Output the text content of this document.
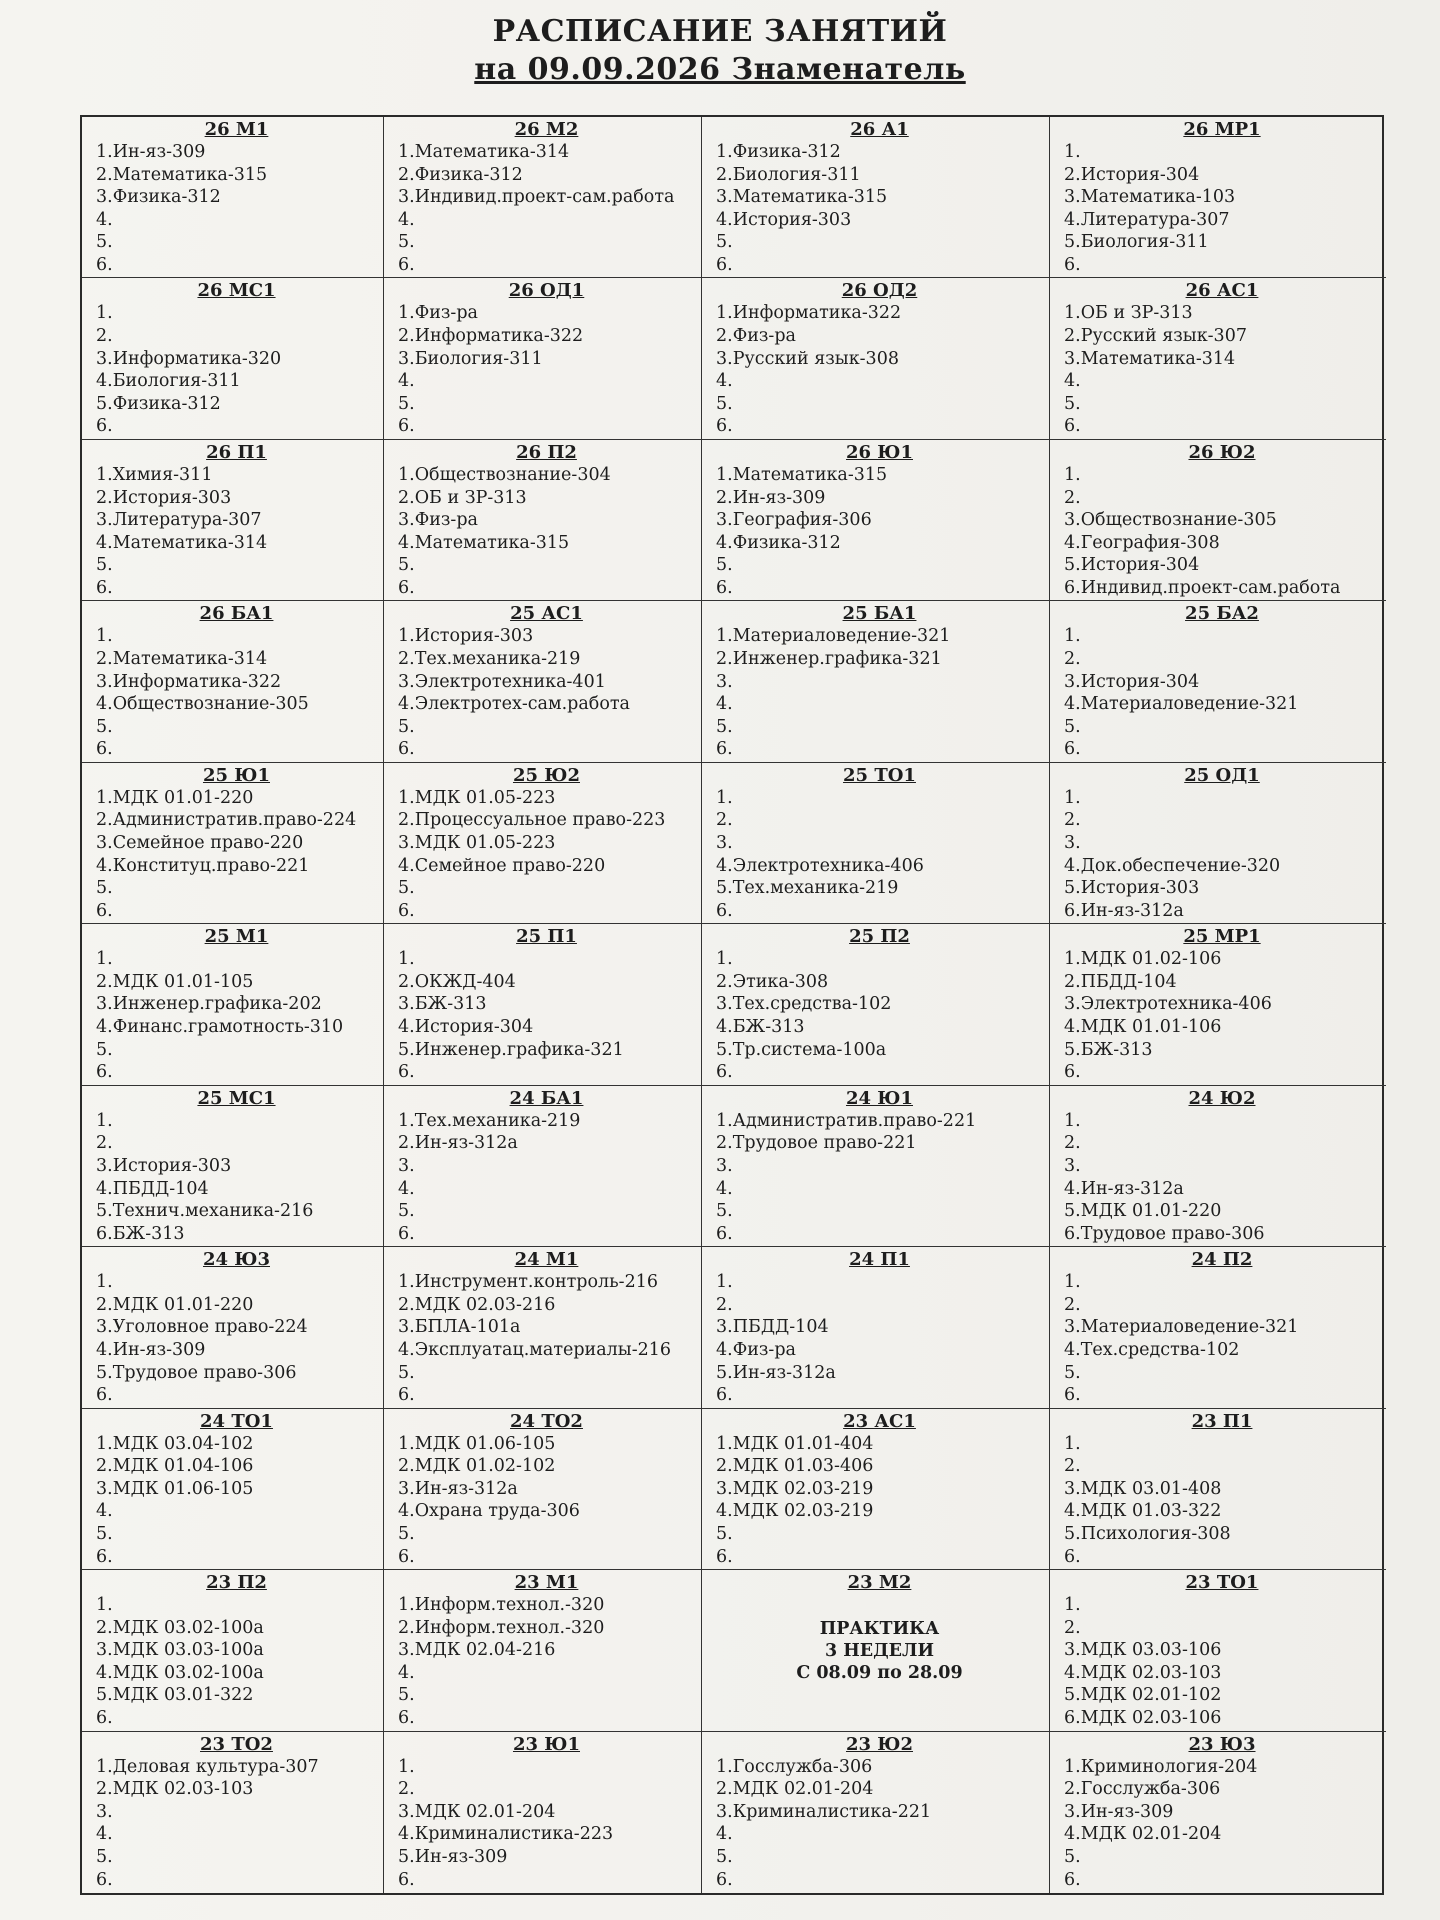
РАСПИСАНИЕ ЗАНЯТИЙ
на 09.09.2026 Знаменатель
26 М1
1.Ин-яз-309
2.Математика-315
3.Физика-312
4.
5.
6.
26 М2
1.Математика-314
2.Физика-312
3.Индивид.проект-сам.работа
4.
5.
6.
26 А1
1.Физика-312
2.Биология-311
3.Математика-315
4.История-303
5.
6.
26 МР1
1.
2.История-304
3.Математика-103
4.Литература-307
5.Биология-311
6.
26 МС1
1.
2.
3.Информатика-320
4.Биология-311
5.Физика-312
6.
26 ОД1
1.Физ-ра
2.Информатика-322
3.Биология-311
4.
5.
6.
26 ОД2
1.Информатика-322
2.Физ-ра
3.Русский язык-308
4.
5.
6.
26 АС1
1.ОБ и ЗР-313
2.Русский язык-307
3.Математика-314
4.
5.
6.
26 П1
1.Химия-311
2.История-303
3.Литература-307
4.Математика-314
5.
6.
26 П2
1.Обществознание-304
2.ОБ и ЗР-313
3.Физ-ра
4.Математика-315
5.
6.
26 Ю1
1.Математика-315
2.Ин-яз-309
3.География-306
4.Физика-312
5.
6.
26 Ю2
1.
2.
3.Обществознание-305
4.География-308
5.История-304
6.Индивид.проект-сам.работа
26 БА1
1.
2.Математика-314
3.Информатика-322
4.Обществознание-305
5.
6.
25 АС1
1.История-303
2.Тех.механика-219
3.Электротехника-401
4.Электротех-сам.работа
5.
6.
25 БА1
1.Материаловедение-321
2.Инженер.графика-321
3.
4.
5.
6.
25 БА2
1.
2.
3.История-304
4.Материаловедение-321
5.
6.
25 Ю1
1.МДК 01.01-220
2.Административ.право-224
3.Семейное право-220
4.Конституц.право-221
5.
6.
25 Ю2
1.МДК 01.05-223
2.Процессуальное право-223
3.МДК 01.05-223
4.Семейное право-220
5.
6.
25 ТО1
1.
2.
3.
4.Электротехника-406
5.Тех.механика-219
6.
25 ОД1
1.
2.
3.
4.Док.обеспечение-320
5.История-303
6.Ин-яз-312а
25 М1
1.
2.МДК 01.01-105
3.Инженер.графика-202
4.Финанс.грамотность-310
5.
6.
25 П1
1.
2.ОКЖД-404
3.БЖ-313
4.История-304
5.Инженер.графика-321
6.
25 П2
1.
2.Этика-308
3.Тех.средства-102
4.БЖ-313
5.Тр.система-100а
6.
25 МР1
1.МДК 01.02-106
2.ПБДД-104
3.Электротехника-406
4.МДК 01.01-106
5.БЖ-313
6.
25 МС1
1.
2.
3.История-303
4.ПБДД-104
5.Технич.механика-216
6.БЖ-313
24 БА1
1.Тех.механика-219
2.Ин-яз-312а
3.
4.
5.
6.
24 Ю1
1.Административ.право-221
2.Трудовое право-221
3.
4.
5.
6.
24 Ю2
1.
2.
3.
4.Ин-яз-312а
5.МДК 01.01-220
6.Трудовое право-306
24 Ю3
1.
2.МДК 01.01-220
3.Уголовное право-224
4.Ин-яз-309
5.Трудовое право-306
6.
24 М1
1.Инструмент.контроль-216
2.МДК 02.03-216
3.БПЛА-101а
4.Эксплуатац.материалы-216
5.
6.
24 П1
1.
2.
3.ПБДД-104
4.Физ-ра
5.Ин-яз-312а
6.
24 П2
1.
2.
3.Материаловедение-321
4.Тех.средства-102
5.
6.
24 ТО1
1.МДК 03.04-102
2.МДК 01.04-106
3.МДК 01.06-105
4.
5.
6.
24 ТО2
1.МДК 01.06-105
2.МДК 01.02-102
3.Ин-яз-312а
4.Охрана труда-306
5.
6.
23 АС1
1.МДК 01.01-404
2.МДК 01.03-406
3.МДК 02.03-219
4.МДК 02.03-219
5.
6.
23 П1
1.
2.
3.МДК 03.01-408
4.МДК 01.03-322
5.Психология-308
6.
23 П2
1.
2.МДК 03.02-100а
3.МДК 03.03-100а
4.МДК 03.02-100а
5.МДК 03.01-322
6.
23 М1
1.Информ.технол.-320
2.Информ.технол.-320
3.МДК 02.04-216
4.
5.
6.
23 М2
ПРАКТИКА
3 НЕДЕЛИ
С 08.09 по 28.09
23 ТО1
1.
2.
3.МДК 03.03-106
4.МДК 02.03-103
5.МДК 02.01-102
6.МДК 02.03-106
23 ТО2
1.Деловая культура-307
2.МДК 02.03-103
3.
4.
5.
6.
23 Ю1
1.
2.
3.МДК 02.01-204
4.Криминалистика-223
5.Ин-яз-309
6.
23 Ю2
1.Госслужба-306
2.МДК 02.01-204
3.Криминалистика-221
4.
5.
6.
23 Ю3
1.Криминология-204
2.Госслужба-306
3.Ин-яз-309
4.МДК 02.01-204
5.
6.
